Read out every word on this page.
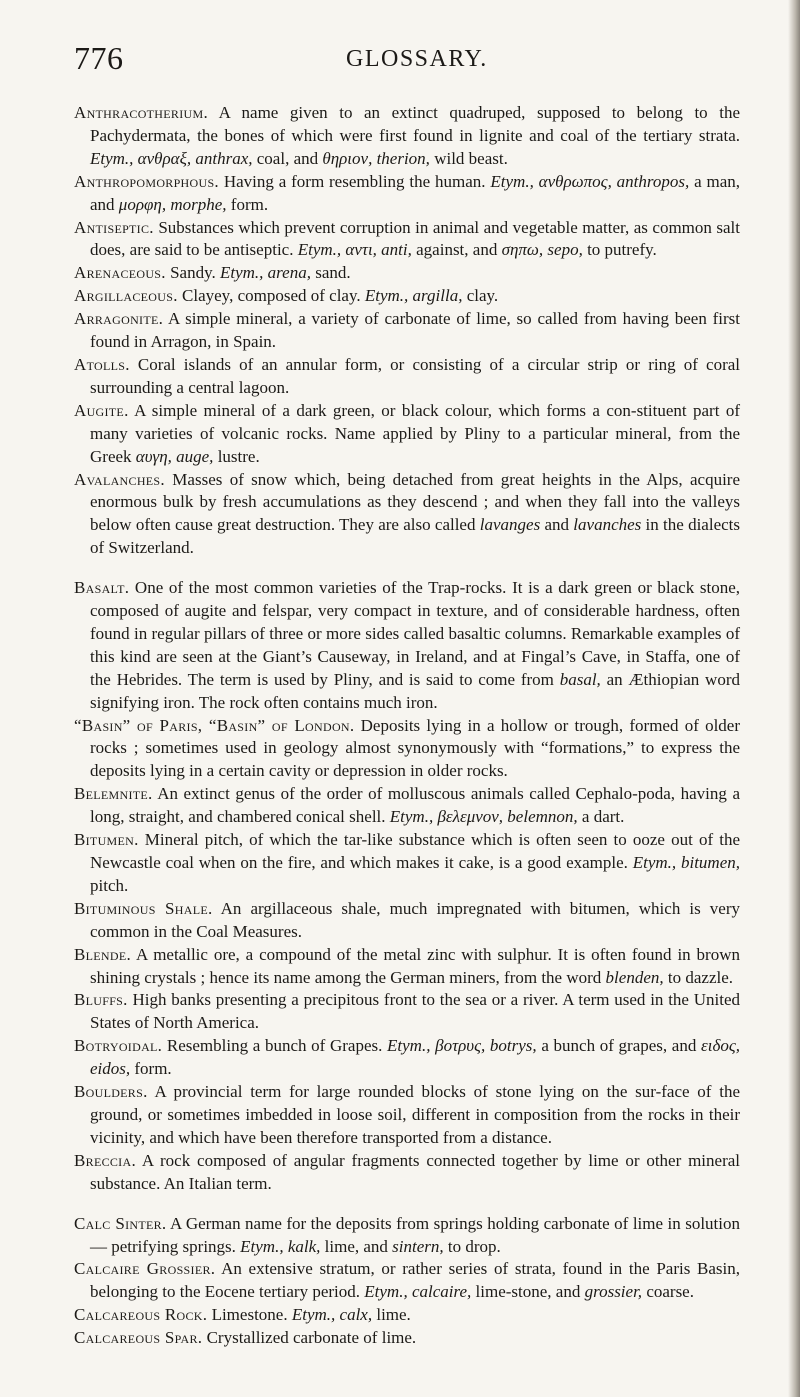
776	GLOSSARY.

Anthracotherium. A name given to an extinct quadruped, supposed to belong to the Pachydermata, the bones of which were first found in lignite and coal of the tertiary strata. Etym., ανθραξ, anthrax, coal, and θηριον, therion, wild beast.

Anthropomorphous. Having a form resembling the human. Etym., ανθρωπος, anthropos, a man, and μορφη, morphe, form.

Antiseptic. Substances which prevent corruption in animal and vegetable matter, as common salt does, are said to be antiseptic. Etym., αντι, anti, against, and σηπω, sepo, to putrefy.

Arenaceous. Sandy. Etym., arena, sand.

Argillaceous. Clayey, composed of clay. Etym., argilla, clay.

Arragonite. A simple mineral, a variety of carbonate of lime, so called from having been first found in Arragon, in Spain.

Atolls. Coral islands of an annular form, or consisting of a circular strip or ring of coral surrounding a central lagoon.

Augite. A simple mineral of a dark green, or black colour, which forms a con-stituent part of many varieties of volcanic rocks. Name applied by Pliny to a particular mineral, from the Greek αυγη, auge, lustre.

Avalanches. Masses of snow which, being detached from great heights in the Alps, acquire enormous bulk by fresh accumulations as they descend ; and when they fall into the valleys below often cause great destruction. They are also called lavanges and lavanches in the dialects of Switzerland.

Basalt. One of the most common varieties of the Trap-rocks. It is a dark green or black stone, composed of augite and felspar, very compact in texture, and of considerable hardness, often found in regular pillars of three or more sides called basaltic columns. Remarkable examples of this kind are seen at the Giant’s Causeway, in Ireland, and at Fingal’s Cave, in Staffa, one of the Hebrides. The term is used by Pliny, and is said to come from basal, an Æthiopian word signifying iron. The rock often contains much iron.

“Basin” of Paris, “Basin” of London. Deposits lying in a hollow or trough, formed of older rocks ; sometimes used in geology almost synonymously with “formations,” to express the deposits lying in a certain cavity or depression in older rocks.

Belemnite. An extinct genus of the order of molluscous animals called Cephalo-poda, having a long, straight, and chambered conical shell. Etym., βελεμνον, belemnon, a dart.

Bitumen. Mineral pitch, of which the tar-like substance which is often seen to ooze out of the Newcastle coal when on the fire, and which makes it cake, is a good example. Etym., bitumen, pitch.

Bituminous Shale. An argillaceous shale, much impregnated with bitumen, which is very common in the Coal Measures.

Blende. A metallic ore, a compound of the metal zinc with sulphur. It is often found in brown shining crystals ; hence its name among the German miners, from the word blenden, to dazzle.

Bluffs. High banks presenting a precipitous front to the sea or a river. A term used in the United States of North America.

Botryoidal. Resembling a bunch of Grapes. Etym., βοτρυς, botrys, a bunch of grapes, and ειδος, eidos, form.

Boulders. A provincial term for large rounded blocks of stone lying on the sur-face of the ground, or sometimes imbedded in loose soil, different in composition from the rocks in their vicinity, and which have been therefore transported from a distance.

Breccia. A rock composed of angular fragments connected together by lime or other mineral substance. An Italian term.

Calc Sinter. A German name for the deposits from springs holding carbonate of lime in solution — petrifying springs. Etym., kalk, lime, and sintern, to drop.

Calcaire Grossier. An extensive stratum, or rather series of strata, found in the Paris Basin, belonging to the Eocene tertiary period. Etym., calcaire, lime-stone, and grossier, coarse.

Calcareous Rock. Limestone. Etym., calx, lime.

Calcareous Spar. Crystallized carbonate of lime.
